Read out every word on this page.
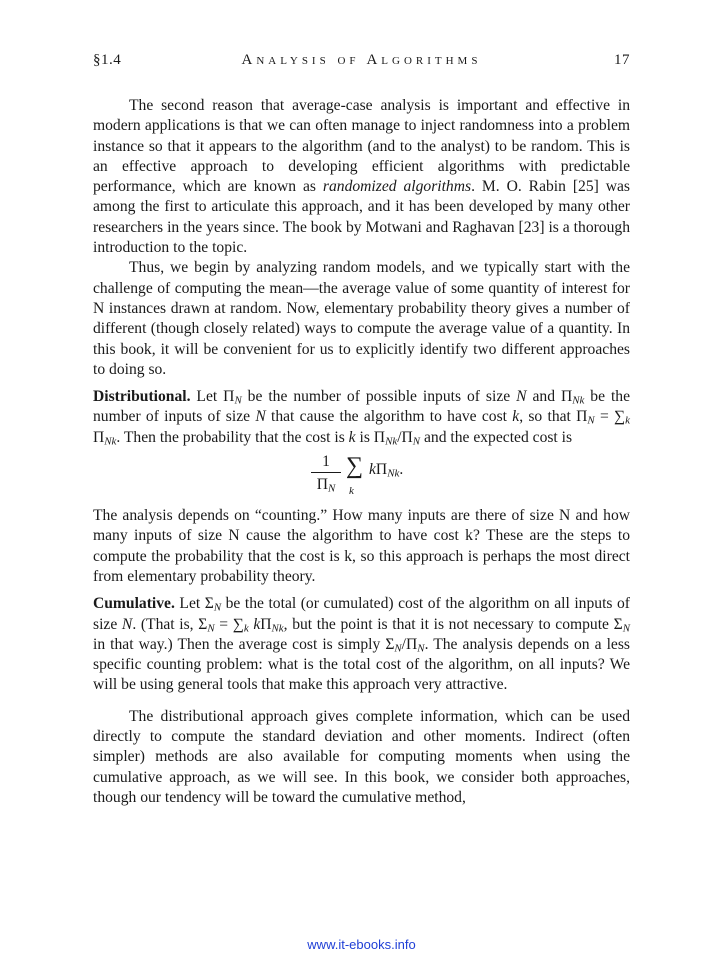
§1.4	Analysis of Algorithms	17

The second reason that average-case analysis is important and effective in modern applications is that we can often manage to inject randomness into a problem instance so that it appears to the algorithm (and to the analyst) to be random. This is an effective approach to developing efficient algorithms with predictable performance, which are known as randomized algorithms. M. O. Rabin [25] was among the first to articulate this approach, and it has been developed by many other researchers in the years since. The book by Motwani and Raghavan [23] is a thorough introduction to the topic.

Thus, we begin by analyzing random models, and we typically start with the challenge of computing the mean—the average value of some quantity of interest for N instances drawn at random. Now, elementary probability theory gives a number of different (though closely related) ways to compute the average value of a quantity. In this book, it will be convenient for us to explicitly identify two different approaches to doing so.

Distributional. Let $\Pi_N$ be the number of possible inputs of size N and $\Pi_{Nk}$ be the number of inputs of size N that cause the algorithm to have cost k, so that $\Pi_N = \sum_k$ $\Pi_{Nk}$. Then the probability that the cost is k is $\Pi_{Nk}/\Pi_N$ and the expected cost is

1
$\Pi_N$
∑
k
$k\Pi_{Nk}$.

The analysis depends on “counting.” How many inputs are there of size N and how many inputs of size N cause the algorithm to have cost k? These are the steps to compute the probability that the cost is k, so this approach is perhaps the most direct from elementary probability theory.

Cumulative. Let $\Sigma_N$ be the total (or cumulated) cost of the algorithm on all inputs of size N. (That is, $\Sigma_N = \sum_k$ $k\Pi_{Nk}$, but the point is that it is not necessary to compute $\Sigma_N$ in that way.) Then the average cost is simply $\Sigma_N/\Pi_N$. The analysis depends on a less specific counting problem: what is the total cost of the algorithm, on all inputs? We will be using general tools that make this approach very attractive.

The distributional approach gives complete information, which can be used directly to compute the standard deviation and other moments. Indirect (often simpler) methods are also available for computing moments when using the cumulative approach, as we will see. In this book, we consider both approaches, though our tendency will be toward the cumulative method,

www.it-ebooks.info
